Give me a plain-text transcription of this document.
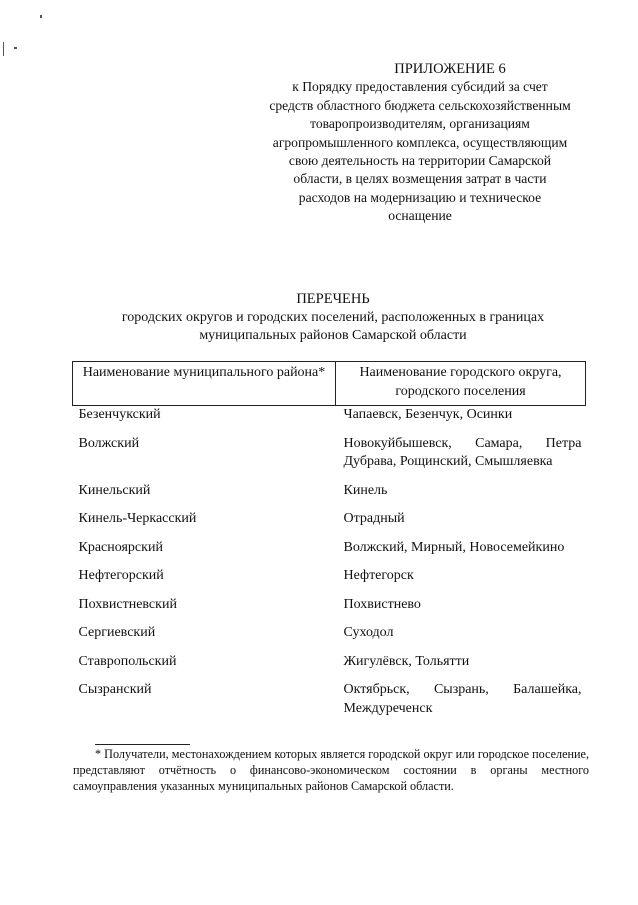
ПРИЛОЖЕНИЕ 6
к Порядку предоставления субсидий за счет
средств областного бюджета сельскохозяйственным
товаропроизводителям, организациям
агропромышленного комплекса, осуществляющим
свою деятельность на территории Самарской
области, в целях возмещения затрат в части
расходов на модернизацию и техническое
оснащение
ПЕРЕЧЕНЬ
городских округов и городских поселений, расположенных в границах
муниципальных районов Самарской области
Наименование муниципального района*	Наименование городского округа, городского поселения
Безенчукский	Чапаевск, Безенчук, Осинки
Волжский	Новокуйбышевск, Самара, Петра Дубрава, Рощинский, Смышляевка
Кинельский	Кинель
Кинель-Черкасский	Отрадный
Красноярский	Волжский, Мирный, Новосемейкино
Нефтегорский	Нефтегорск
Похвистневский	Похвистнево
Сергиевский	Суходол
Ставропольский	Жигулёвск, Тольятти
Сызранский	Октябрьск, Сызрань, Балашейка, Междуреченск
* Получатели, местонахождением которых является городской округ или городское поселение, представляют отчётность о финансово-экономическом состоянии в органы местного самоуправления указанных муниципальных районов Самарской области.
